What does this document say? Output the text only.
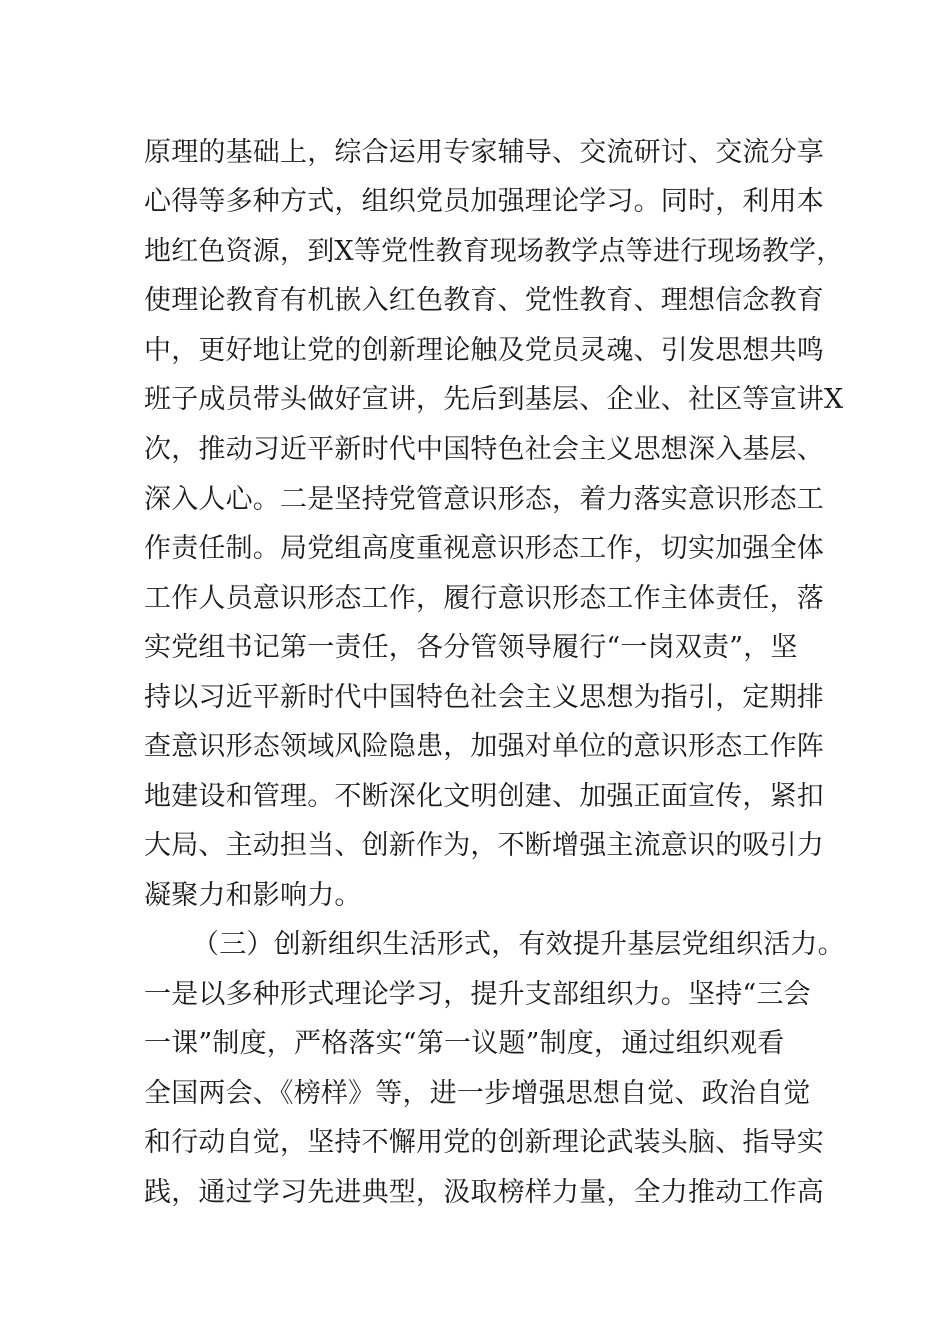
原理的基础上，综合运用专家辅导、交流研讨、交流分享
心得等多种方式，组织党员加强理论学习。同时，利用本
地红色资源，到X等党性教育现场教学点等进行现场教学，
使理论教育有机嵌入红色教育、党性教育、理想信念教育
中，更好地让党的创新理论触及党员灵魂、引发思想共鸣
班子成员带头做好宣讲，先后到基层、企业、社区等宣讲X
次，推动习近平新时代中国特色社会主义思想深入基层、
深入人心。二是坚持党管意识形态，着力落实意识形态工
作责任制。局党组高度重视意识形态工作，切实加强全体
工作人员意识形态工作，履行意识形态工作主体责任，落
实党组书记第一责任，各分管领导履行“一岗双责”，坚
持以习近平新时代中国特色社会主义思想为指引，定期排
查意识形态领域风险隐患，加强对单位的意识形态工作阵
地建设和管理。不断深化文明创建、加强正面宣传，紧扣
大局、主动担当、创新作为，不断增强主流意识的吸引力
凝聚力和影响力。
（三）创新组织生活形式，有效提升基层党组织活力。
一是以多种形式理论学习，提升支部组织力。坚持“三会
一课”制度，严格落实“第一议题”制度，通过组织观看
全国两会、《榜样》等，进一步增强思想自觉、政治自觉
和行动自觉，坚持不懈用党的创新理论武装头脑、指导实
践，通过学习先进典型，汲取榜样力量，全力推动工作高
